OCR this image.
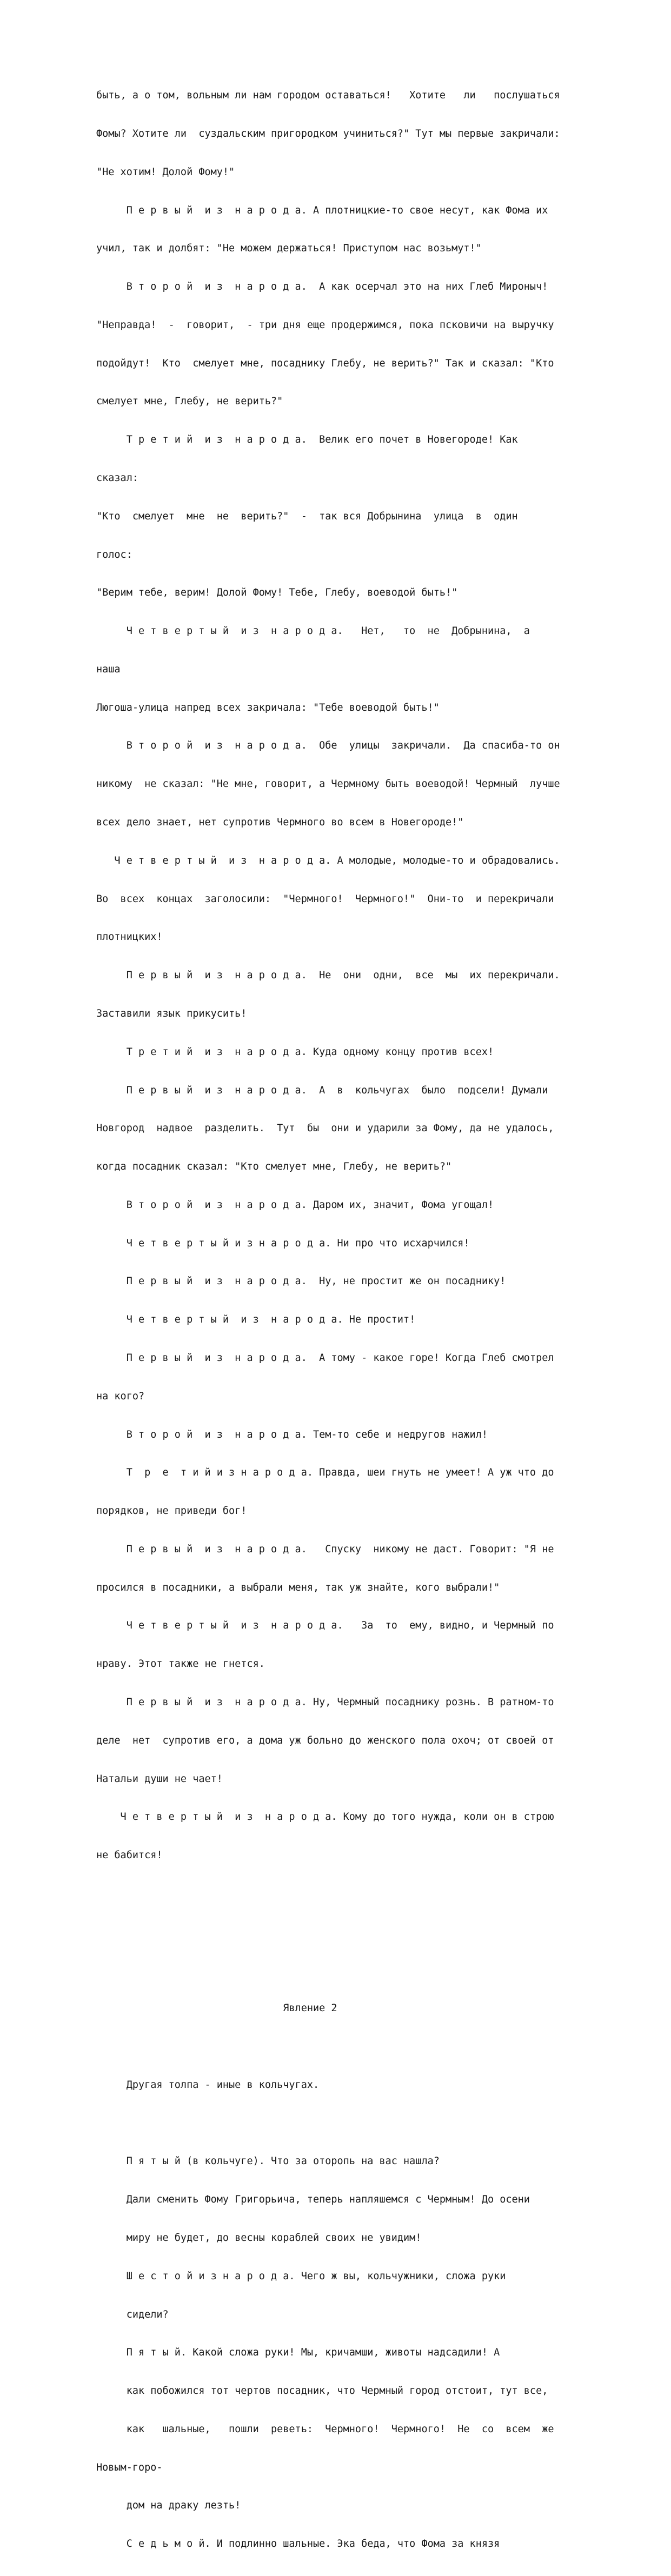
быть, а о том, вольным ли нам городом оставаться!   Хотите   ли   послушаться

Фомы? Хотите ли  суздальским пригородком учиниться?" Тут мы первые закричали:

"Не хотим! Долой Фому!"

П е р в ы й  и з  н а р о д а. А плотницкие-то свое несут, как Фома их

учил, так и долбят: "Не можем держаться! Приступом нас возьмут!"

В т о р о й  и з  н а р о д а.  А как осерчал это на них Глеб Мироныч!

"Неправда!  -  говорит,  - три дня еще продержимся, пока псковичи на выручку

подойдут!  Кто  смелует мне, посаднику Глебу, не верить?" Так и сказал: "Кто

смелует мне, Глебу, не верить?"

Т р е т и й  и з  н а р о д а.  Велик его почет в Новегороде! Как

сказал:

"Кто  смелует  мне  не  верить?"  -  так вся Добрынина  улица  в  один

голос:

"Верим тебе, верим! Долой Фому! Тебе, Глебу, воеводой быть!"

Ч е т в е р т ы й  и з  н а р о д а.   Нет,   то  не  Добрынина,  а

наша

Люгоша-улица напред всех закричала: "Тебе воеводой быть!"

В т о р о й  и з  н а р о д а.  Обе  улицы  закричали.  Да спасиба-то он

никому  не сказал: "Не мне, говорит, а Чермному быть воеводой! Чермный  лучше

всех дело знает, нет супротив Чермного во всем в Новегороде!"

Ч е т в е р т ы й  и з  н а р о д а. А молодые, молодые-то и обрадовались.

Во  всех  концах  заголосили:  "Чермного!  Чермного!"  Они-то  и перекричали

плотницких!

П е р в ы й  и з  н а р о д а.  Не  они  одни,  все  мы  их перекричали.

Заставили язык прикусить!

Т р е т и й  и з  н а р о д а. Куда одному концу против всех!

П е р в ы й  и з  н а р о д а.  А  в  кольчугах  было  подсели! Думали

Новгород  надвое  разделить.  Тут  бы  они и ударили за Фому, да не удалось,

когда посадник сказал: "Кто смелует мне, Глебу, не верить?"

В т о р о й  и з  н а р о д а. Даром их, значит, Фома угощал!

Ч е т в е р т ы й и з н а р о д а. Ни про что исхарчился!

П е р в ы й  и з  н а р о д а.  Ну, не простит же он посаднику!

Ч е т в е р т ы й  и з  н а р о д а. Не простит!

П е р в ы й  и з  н а р о д а.  А тому - какое горе! Когда Глеб смотрел

на кого?

В т о р о й  и з  н а р о д а. Тем-то себе и недругов нажил!

Т  р  е  т и й и з н а р о д а. Правда, шеи гнуть не умеет! А уж что до

порядков, не приведи бог!

П е р в ы й  и з  н а р о д а.   Спуску  никому не даст. Говорит: "Я не

просился в посадники, а выбрали меня, так уж знайте, кого выбрали!"

Ч е т в е р т ы й  и з  н а р о д а.   За  то  ему, видно, и Чермный по

нраву. Этот также не гнется.

П е р в ы й  и з  н а р о д а. Ну, Чермный посаднику рознь. В ратном-то

деле  нет  супротив его, а дома уж больно до женского пола охоч; от своей от

Натальи души не чает!

Ч е т в е р т ы й  и з  н а р о д а. Кому до того нужда, коли он в строю

не бабится!

Явление 2

Другая толпа - иные в кольчугах.

П я т ы й (в кольчуге). Что за оторопь на вас нашла?

Дали сменить Фому Григорьича, теперь напляшемся с Чермным! До осени

миру не будет, до весны кораблей своих не увидим!

Ш е с т о й и з н а р о д а. Чего ж вы, кольчужники, сложа руки

сидели?

П я т ы й. Какой сложа руки! Мы, кричамши, животы надсадили! А

как побожился тот чертов посадник, что Чермный город отстоит, тут все,

как   шальные,   пошли  реветь:  Чермного!  Чермного!  Не  со  всем  же

Новым-горо-

дом на драку лезть!

С е д ь м о й. И подлинно шальные. Эка беда, что Фома за князя
